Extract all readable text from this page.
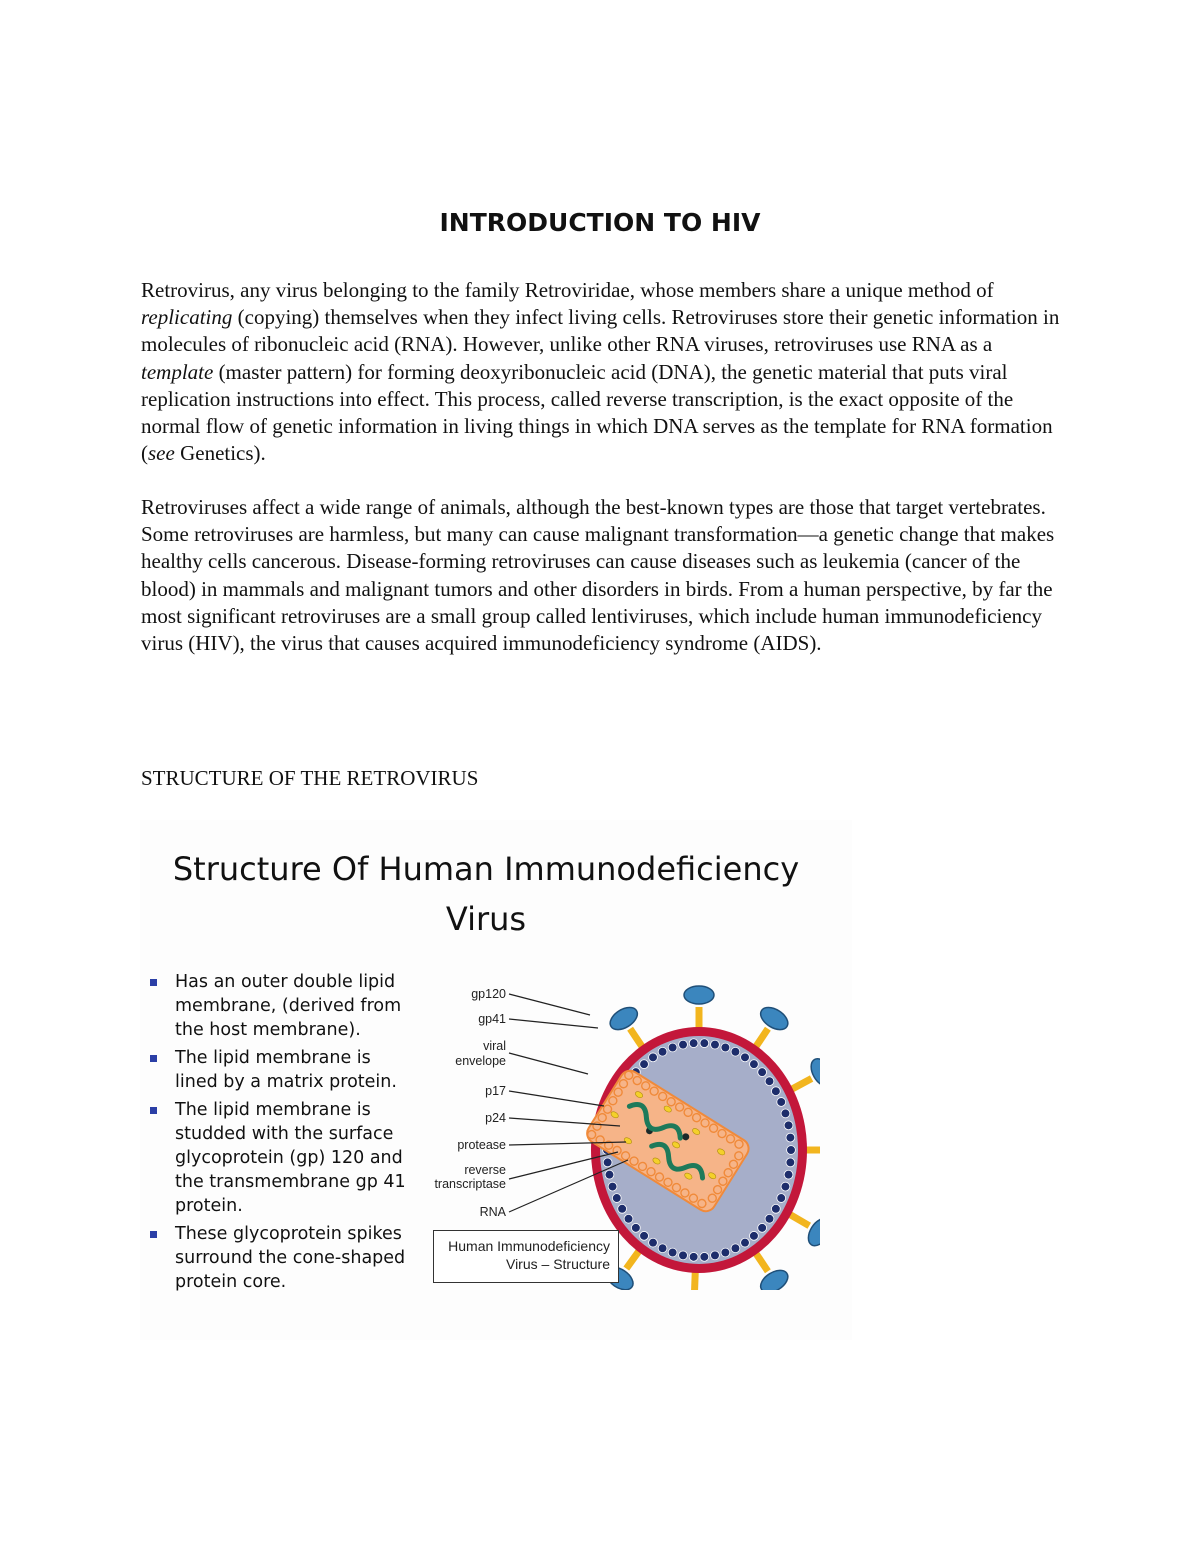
INTRODUCTION TO HIV

Retrovirus, any virus belonging to the family Retroviridae, whose members share a unique method of replicating (copying) themselves when they infect living cells. Retroviruses store their genetic information in molecules of ribonucleic acid (RNA). However, unlike other RNA viruses, retroviruses use RNA as a template (master pattern) for forming deoxyribonucleic acid (DNA), the genetic material that puts viral replication instructions into effect. This process, called reverse transcription, is the exact opposite of the normal flow of genetic information in living things in which DNA serves as the template for RNA formation (see Genetics).

Retroviruses affect a wide range of animals, although the best-known types are those that target vertebrates. Some retroviruses are harmless, but many can cause malignant transformation—a genetic change that makes healthy cells cancerous. Disease-forming retroviruses can cause diseases such as leukemia (cancer of the blood) in mammals and malignant tumors and other disorders in birds. From a human perspective, by far the most significant retroviruses are a small group called lentiviruses, which include human immunodeficiency virus (HIV), the virus that causes acquired immunodeficiency syndrome (AIDS).

STRUCTURE OF THE RETROVIRUS
Structure Of Human Immunodeficiency
Virus
Has an outer double lipid membrane, (derived from the host membrane).
The lipid membrane is lined by a matrix protein.
The lipid membrane is studded with the surface glycoprotein (gp) 120 and the transmembrane gp 41 protein.
These glycoprotein spikes surround the cone-shaped protein core.
gp120
gp41
viral
envelope
p17
p24
protease
reverse
transcriptase
RNA
Human Immunodeficiency
Virus – Structure
